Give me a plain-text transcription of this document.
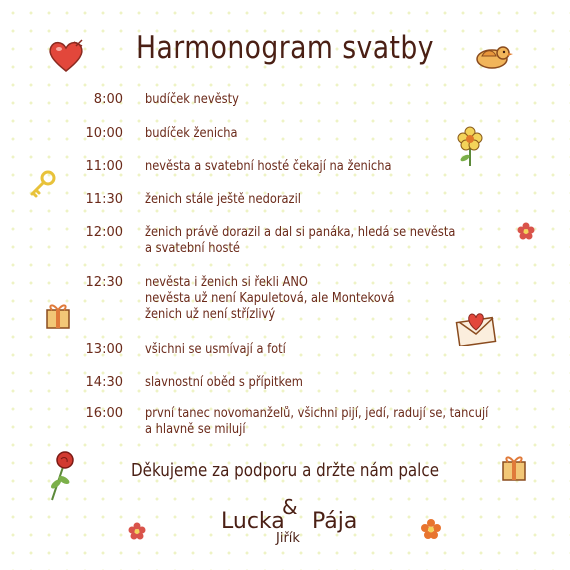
Harmonogram svatby
8:00 budíček nevěsty
10:00 budíček ženicha
11:00 nevěsta a svatební hosté čekají na ženicha
11:30 ženich stále ještě nedorazil
12:00 ženich právě dorazil a dal si panáka, hledá se nevěsta
a svatební hosté
12:30 nevěsta i ženich si řekli ANO
nevěsta už není Kapuletová, ale Monteková
ženich už není střízlivý
13:00 všichni se usmívají a fotí
14:30 slavnostní oběd s přípitkem
16:00 první tanec novomanželů, všichni pijí, jedí, radují se, tancují
a hlavně se milují
Děkujeme za podporu a držte nám palce
Lucka
&
Jiřík
Pája
